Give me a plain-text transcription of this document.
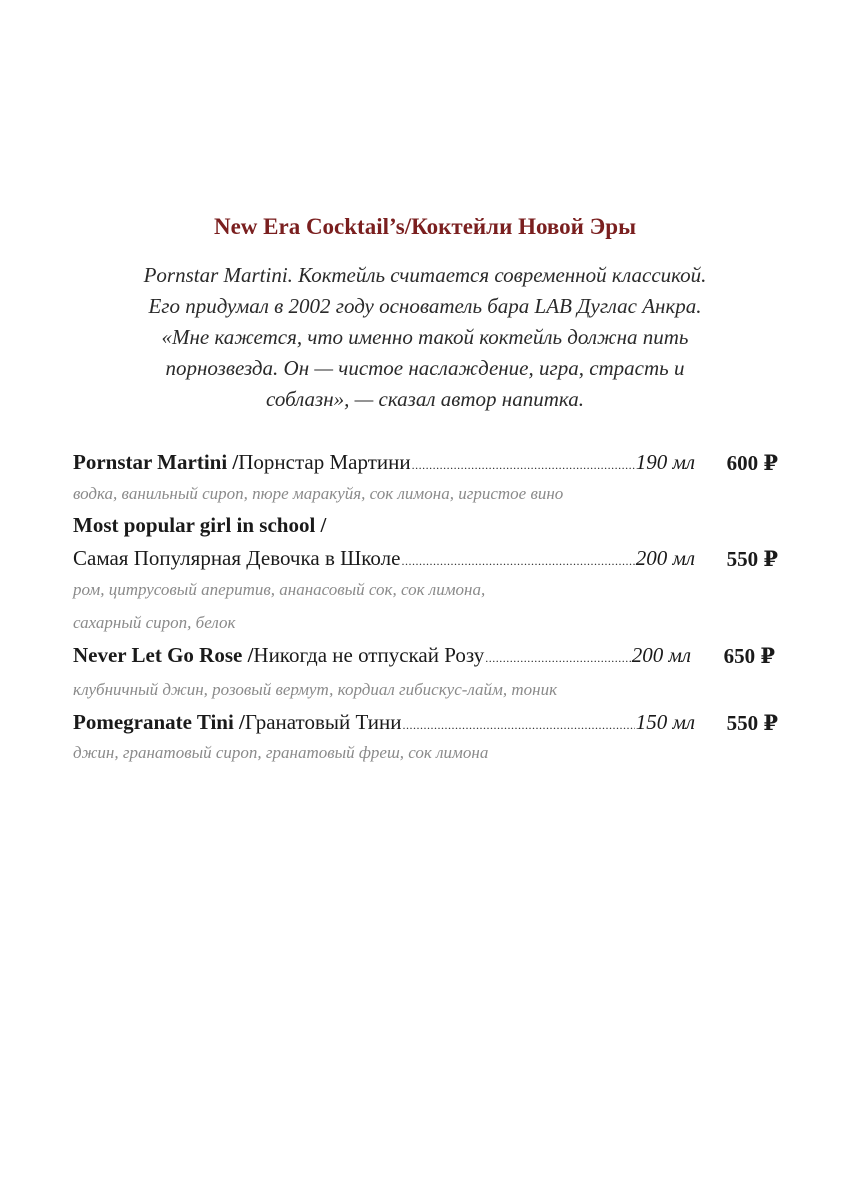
New Era Cocktail’s/Коктейли Новой Эры
Pornstar Martini. Коктейль считается современной классикой.
Его придумал в 2002 году основатель бара LAB Дуглас Анкра.
«Мне кажется, что именно такой коктейль должна пить
порнозвезда. Он — чистое наслаждение, игра, страсть и
соблазн», — сказал автор напитка.
Pornstar Martini / Порнстар Мартини .....	190 мл 600 ₽
водка, ванильный сироп, пюре маракуйя, сок лимона, игристое вино
Most popular girl in school /
Самая Популярная Девочка в Школе .....	200 мл 550 ₽
ром, цитрусовый аперитив, ананасовый сок, сок лимона,
сахарный сироп, белок
Never Let Go Rose / Никогда не отпускай Розу .....	200 мл 650 ₽
клубничный джин, розовый вермут, кордиал гибискус-лайм, тоник
Pomegranate Tini / Гранатовый Тини .....	150 мл 550 ₽
джин, гранатовый сироп, гранатовый фреш, сок лимона
